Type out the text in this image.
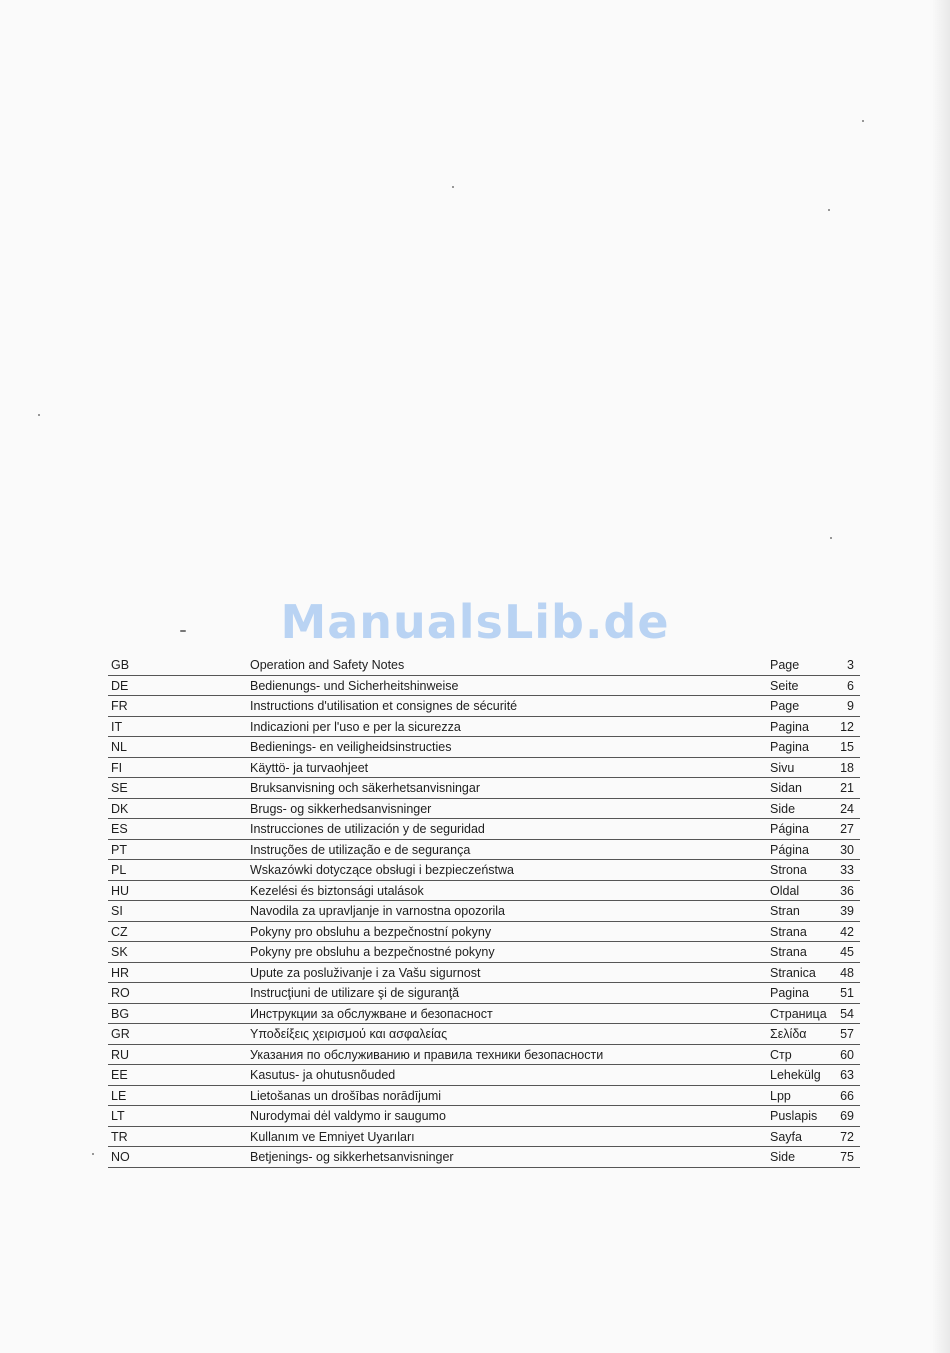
ManualsLib.de
GB	Operation and Safety Notes	Page	3
DE	Bedienungs- und Sicherheitshinweise	Seite	6
FR	Instructions d'utilisation et consignes de sécurité	Page	9
IT	Indicazioni per l'uso e per la sicurezza	Pagina 12
NL	Bedienings- en veiligheidsinstructies	Pagina 15
FI	Käyttö- ja turvaohjeet	Sivu	18
SE	Bruksanvisning och säkerhetsanvisningar	Sidan	21
DK	Brugs- og sikkerhedsanvisninger	Side	24
ES	Instrucciones de utilización y de seguridad	Página 27
PT	Instruções de utilização e de segurança	Página 30
PL	Wskazówki dotyczące obsługi i bezpieczeństwa	Strona	33
HU	Kezelési és biztonsági utalások	Oldal	36
SI	Navodila za upravljanje in varnostna opozorila	Stran	39
CZ	Pokyny pro obsluhu a bezpečnostní pokyny	Strana	42
SK	Pokyny pre obsluhu a bezpečnostné pokyny	Strana	45
HR	Upute za posluživanje i za Vašu sigurnost	Stranica 48
RO	Instrucţiuni de utilizare şi de siguranţă	Pagina 51
BG	Инструкции за обслужване и безопасност	Страница 54
GR	Υποδείξεις χειρισμού και ασφαλείας	Σελίδα	57
RU	Указания по обслуживанию и правила техники безопасности	Стр	60
EE	Kasutus- ja ohutusnõuded	Lehekülg 63
LE	Lietošanas un drošības norādījumi	Lpp	66
LT	Nurodymai dėl valdymo ir saugumo	Puslapis 69
TR	Kullanım ve Emniyet Uyarıları	Sayfa	72
NO	Betjenings- og sikkerhetsanvisninger	Side	75
